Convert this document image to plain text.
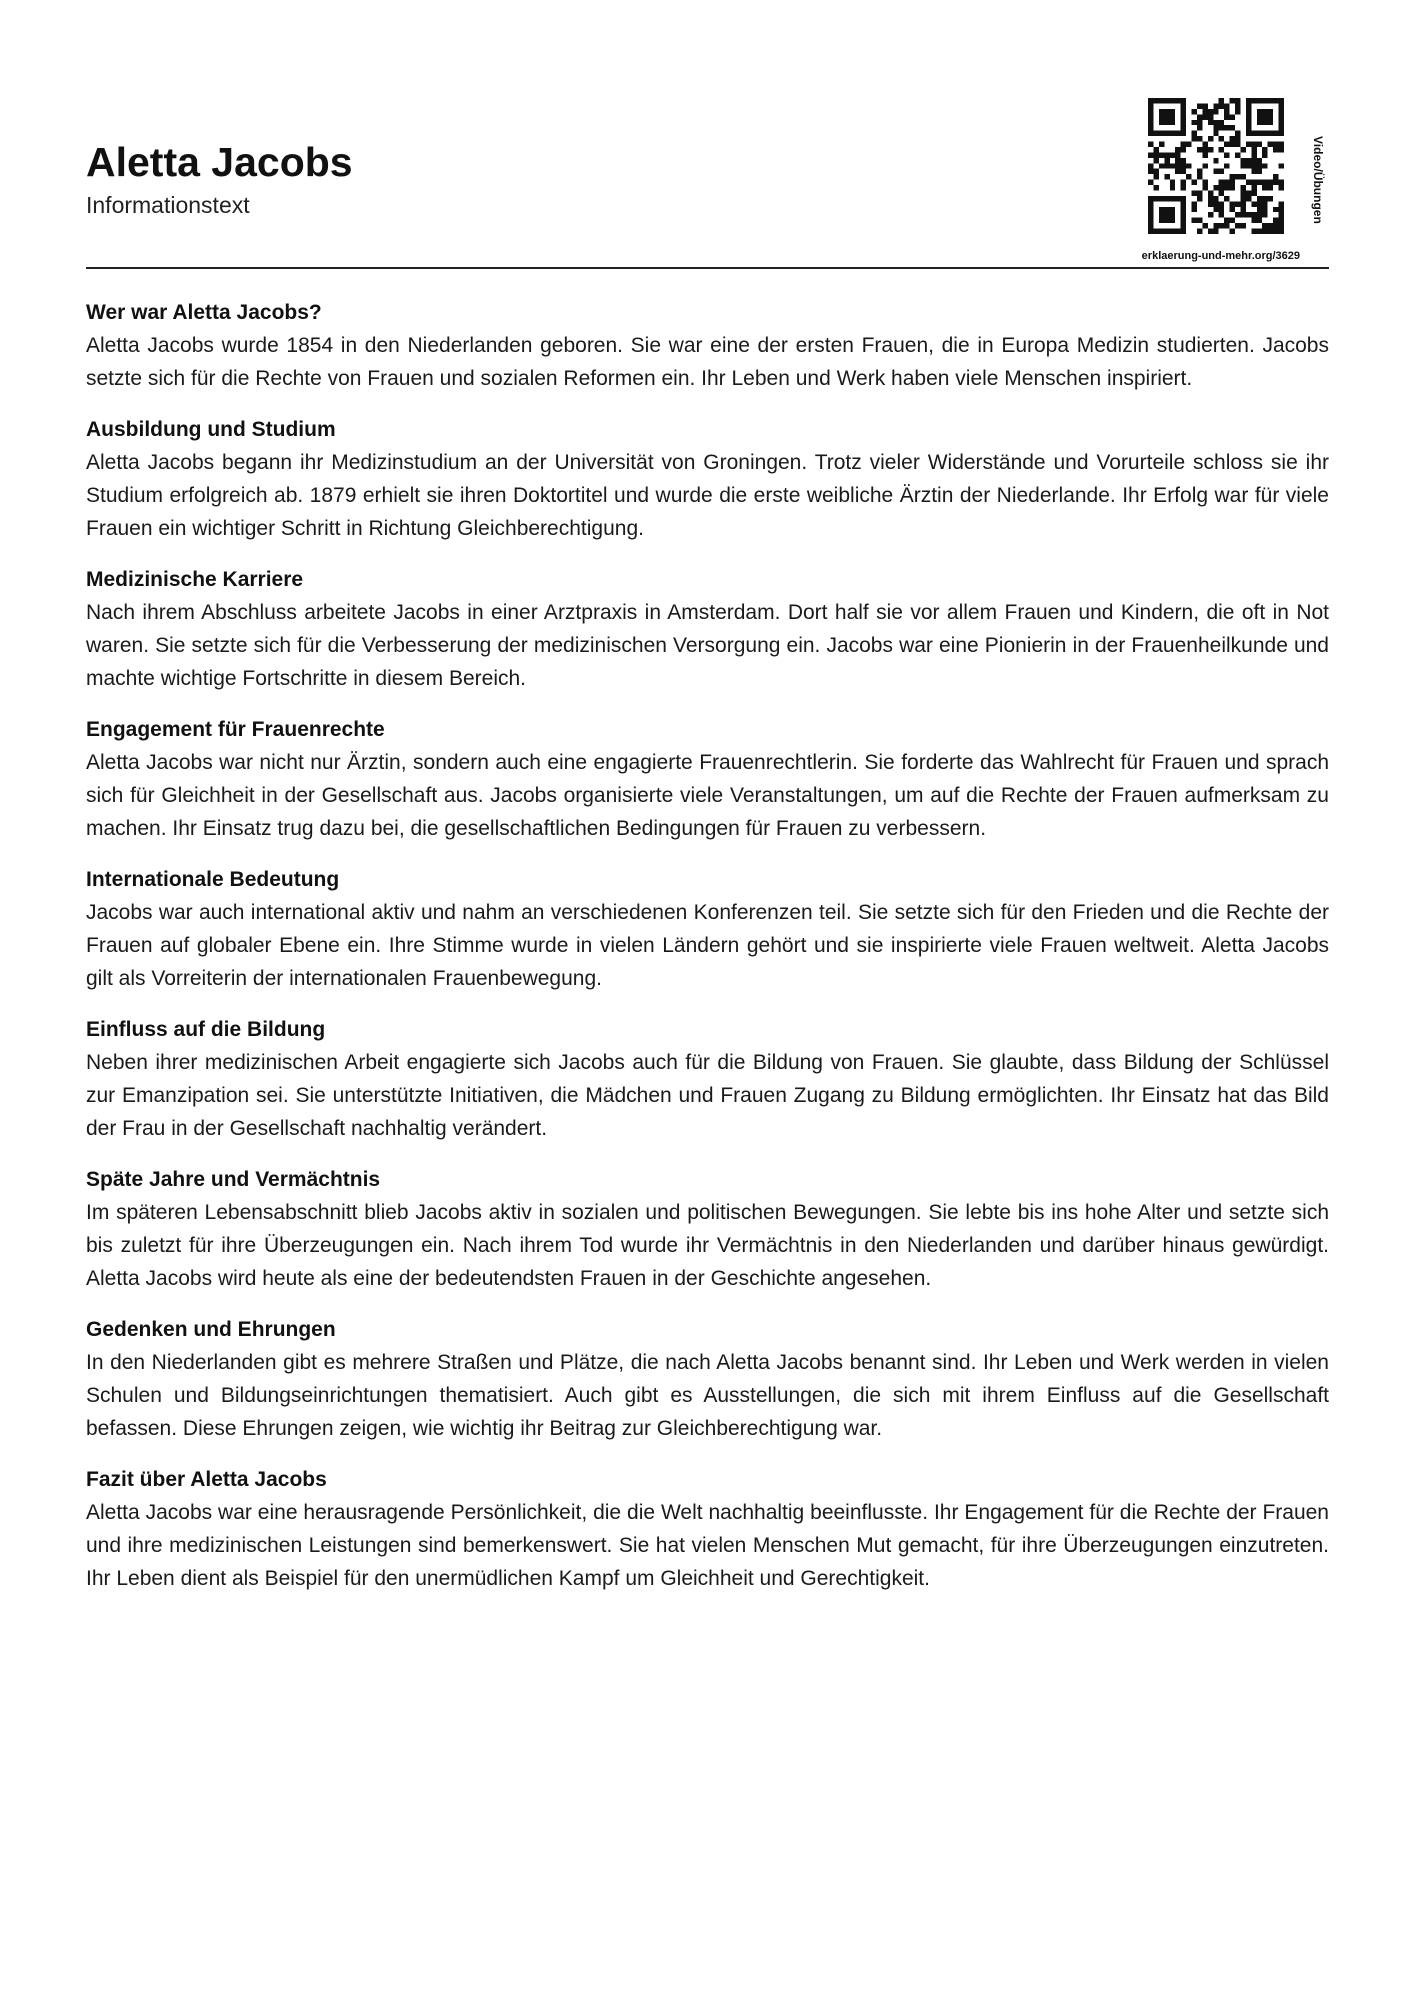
Aletta Jacobs
Informationstext	Video/Übungen
erklaerung-und-mehr.org/3629
Wer war Aletta Jacobs?

Aletta Jacobs wurde 1854 in den Niederlanden geboren. Sie war eine der ersten Frauen, die in Europa Medizin studierten. Jacobs setzte sich für die Rechte von Frauen und sozialen Reformen ein. Ihr Leben und Werk haben viele Menschen inspiriert.

Ausbildung und Studium

Aletta Jacobs begann ihr Medizinstudium an der Universität von Groningen. Trotz vieler Widerstände und Vorurteile schloss sie ihr Studium erfolgreich ab. 1879 erhielt sie ihren Doktortitel und wurde die erste weibliche Ärztin der Niederlande. Ihr Erfolg war für viele Frauen ein wichtiger Schritt in Richtung Gleichberechtigung.

Medizinische Karriere

Nach ihrem Abschluss arbeitete Jacobs in einer Arztpraxis in Amsterdam. Dort half sie vor allem Frauen und Kindern, die oft in Not waren. Sie setzte sich für die Verbesserung der medizinischen Versorgung ein. Jacobs war eine Pionierin in der Frauenheilkunde und machte wichtige Fortschritte in diesem Bereich.

Engagement für Frauenrechte

Aletta Jacobs war nicht nur Ärztin, sondern auch eine engagierte Frauenrechtlerin. Sie forderte das Wahlrecht für Frauen und sprach sich für Gleichheit in der Gesellschaft aus. Jacobs organisierte viele Veranstaltungen, um auf die Rechte der Frauen aufmerksam zu machen. Ihr Einsatz trug dazu bei, die gesellschaftlichen Bedingungen für Frauen zu verbessern.

Internationale Bedeutung

Jacobs war auch international aktiv und nahm an verschiedenen Konferenzen teil. Sie setzte sich für den Frieden und die Rechte der Frauen auf globaler Ebene ein. Ihre Stimme wurde in vielen Ländern gehört und sie inspirierte viele Frauen weltweit. Aletta Jacobs gilt als Vorreiterin der internationalen Frauenbewegung.

Einfluss auf die Bildung

Neben ihrer medizinischen Arbeit engagierte sich Jacobs auch für die Bildung von Frauen. Sie glaubte, dass Bildung der Schlüssel zur Emanzipation sei. Sie unterstützte Initiativen, die Mädchen und Frauen Zugang zu Bildung ermöglichten. Ihr Einsatz hat das Bild der Frau in der Gesellschaft nachhaltig verändert.

Späte Jahre und Vermächtnis

Im späteren Lebensabschnitt blieb Jacobs aktiv in sozialen und politischen Bewegungen. Sie lebte bis ins hohe Alter und setzte sich bis zuletzt für ihre Überzeugungen ein. Nach ihrem Tod wurde ihr Vermächtnis in den Niederlanden und darüber hinaus gewürdigt. Aletta Jacobs wird heute als eine der bedeutendsten Frauen in der Geschichte angesehen.

Gedenken und Ehrungen

In den Niederlanden gibt es mehrere Straßen und Plätze, die nach Aletta Jacobs benannt sind. Ihr Leben und Werk werden in vielen Schulen und Bildungseinrichtungen thematisiert. Auch gibt es Ausstellungen, die sich mit ihrem Einfluss auf die Gesellschaft befassen. Diese Ehrungen zeigen, wie wichtig ihr Beitrag zur Gleichberechtigung war.

Fazit über Aletta Jacobs

Aletta Jacobs war eine herausragende Persönlichkeit, die die Welt nachhaltig beeinflusste. Ihr Engagement für die Rechte der Frauen und ihre medizinischen Leistungen sind bemerkenswert. Sie hat vielen Menschen Mut gemacht, für ihre Überzeugungen einzutreten. Ihr Leben dient als Beispiel für den unermüdlichen Kampf um Gleichheit und Gerechtigkeit.
